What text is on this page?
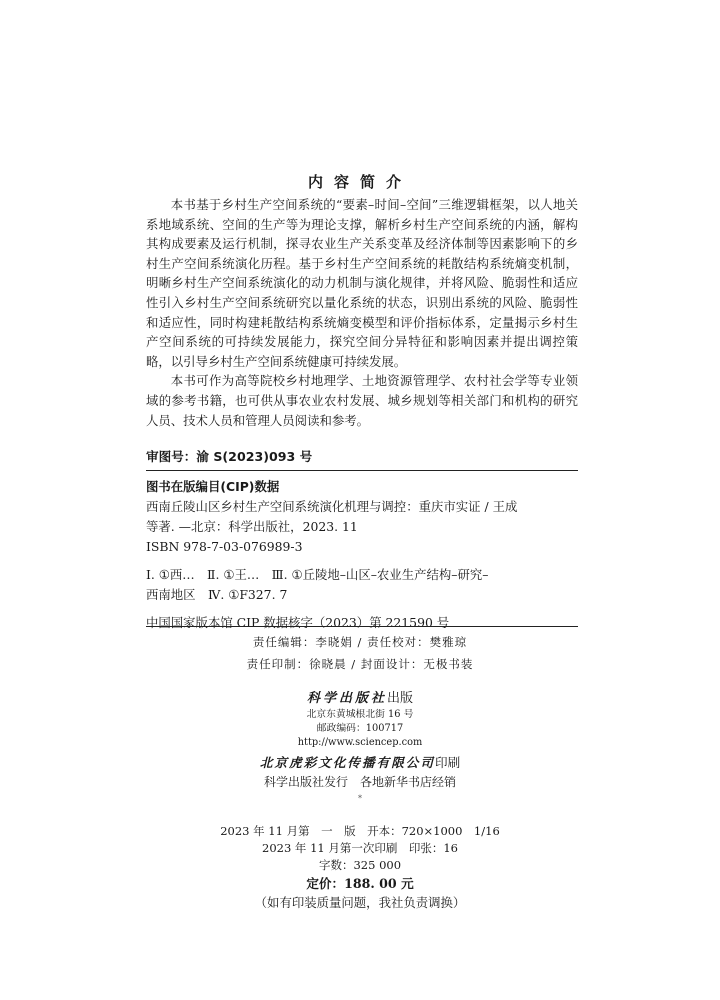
内容简介

本书基于乡村生产空间系统的“要素–时间–空间”三维逻辑框架，以人地关系地域系统、空间的生产等为理论支撑，解析乡村生产空间系统的内涵，解构其构成要素及运行机制，探寻农业生产关系变革及经济体制等因素影响下的乡村生产空间系统演化历程。基于乡村生产空间系统的耗散结构系统熵变机制，明晰乡村生产空间系统演化的动力机制与演化规律，并将风险、脆弱性和适应性引入乡村生产空间系统研究以量化系统的状态，识别出系统的风险、脆弱性和适应性，同时构建耗散结构系统熵变模型和评价指标体系，定量揭示乡村生产空间系统的可持续发展能力，探究空间分异特征和影响因素并提出调控策略，以引导乡村生产空间系统健康可持续发展。

本书可作为高等院校乡村地理学、土地资源管理学、农村社会学等专业领域的参考书籍，也可供从事农业农村发展、城乡规划等相关部门和机构的研究人员、技术人员和管理人员阅读和参考。

审图号：渝 S(2023)093 号
图书在版编目(CIP)数据
西南丘陵山区乡村生产空间系统演化机理与调控：重庆市实证 / 王成
等著. —北京：科学出版社，2023. 11
ISBN 978-7-03-076989-3
Ⅰ. ①西…　Ⅱ. ①王…　Ⅲ. ①丘陵地–山区–农业生产结构–研究–
西南地区　Ⅳ. ①F327. 7
中国国家版本馆 CIP 数据核字（2023）第 221590 号
责任编辑：李晓娟 / 责任校对：樊雅琼
责任印制：徐晓晨 / 封面设计：无极书装
科学出版社出版
北京东黄城根北街 16 号
邮政编码：100717
http://www.sciencep.com
北京虎彩文化传播有限公司印刷
科学出版社发行　各地新华书店经销
*
2023 年 11 月第　一　版　开本：720×1000　1/16
2023 年 11 月第一次印刷　印张：16
字数：325 000
定价：188. 00 元
（如有印装质量问题，我社负责调换）
